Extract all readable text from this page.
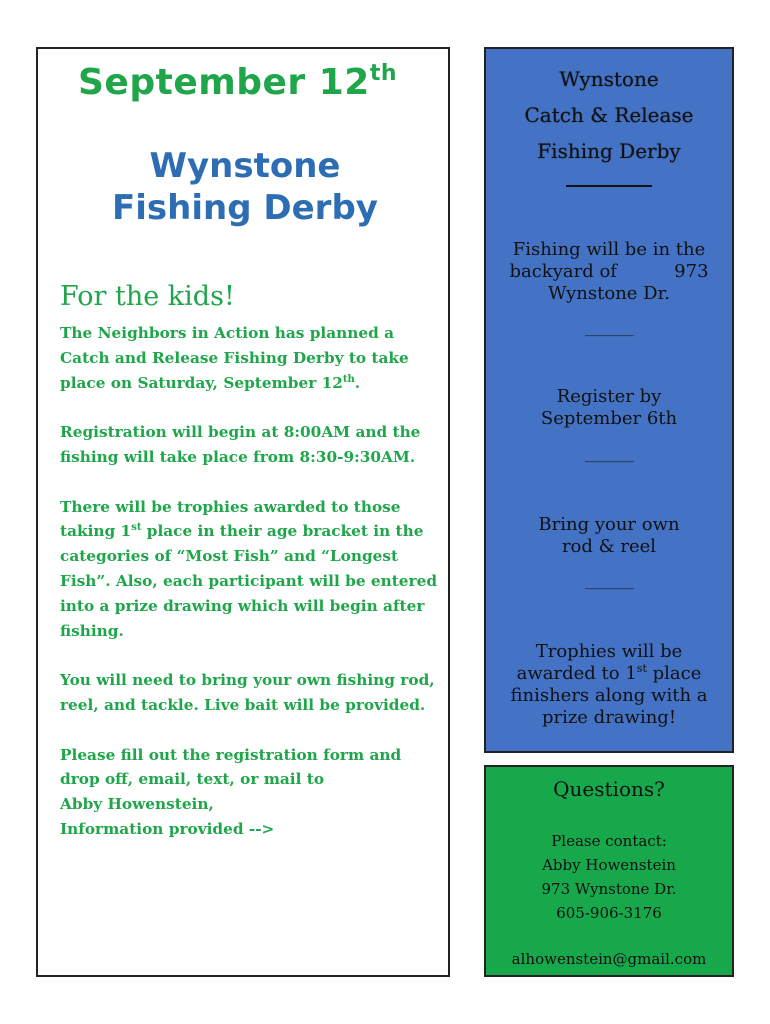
September 12th
Wynstone
Fishing Derby
For the kids!

The Neighbors in Action has planned a Catch and Release Fishing Derby to take place on Saturday, September 12th.

Registration will begin at 8:00AM and the fishing will take place from 8:30-9:30AM.

There will be trophies awarded to those taking 1st place in their age bracket in the categories of “Most Fish” and “Longest Fish”. Also, each participant will be entered into a prize drawing which will begin after fishing.

You will need to bring your own fishing rod, reel, and tackle. Live bait will be provided.

Please fill out the registration form and drop off, email, text, or mail to
Abby Howenstein,
Information provided -->

Wynstone
Catch & Release
Fishing Derby
Fishing will be in the
backyard of          973
Wynstone Dr.
________
Register by
September 6th
________
Bring your own
rod & reel
________
Trophies will be
awarded to 1st place
finishers along with a
prize drawing!
Questions?
Please contact:
Abby Howenstein
973 Wynstone Dr.
605-906-3176
alhowenstein@gmail.com
